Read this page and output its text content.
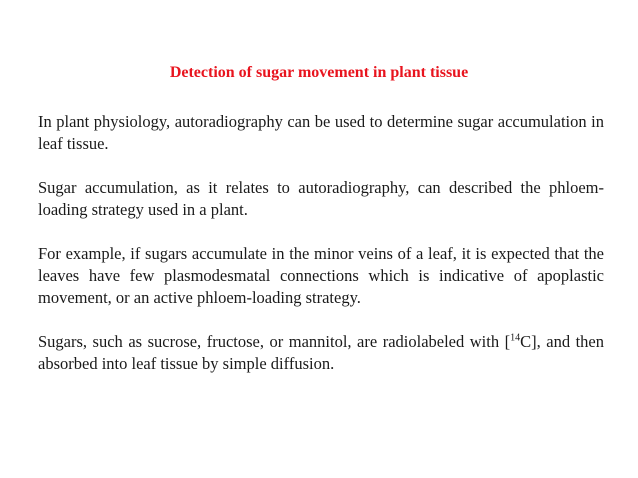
Detection of sugar movement in plant tissue

In plant physiology, autoradiography can be used to determine sugar accumulation in leaf tissue.

Sugar accumulation, as it relates to autoradiography, can described the phloem-loading strategy used in a plant.

For example, if sugars accumulate in the minor veins of a leaf, it is expected that the leaves have few plasmodesmatal connections which is indicative of apoplastic movement, or an active phloem-loading strategy.

Sugars, such as sucrose, fructose, or mannitol, are radiolabeled with [$^{14}$C], and then absorbed into leaf tissue by simple diffusion.
